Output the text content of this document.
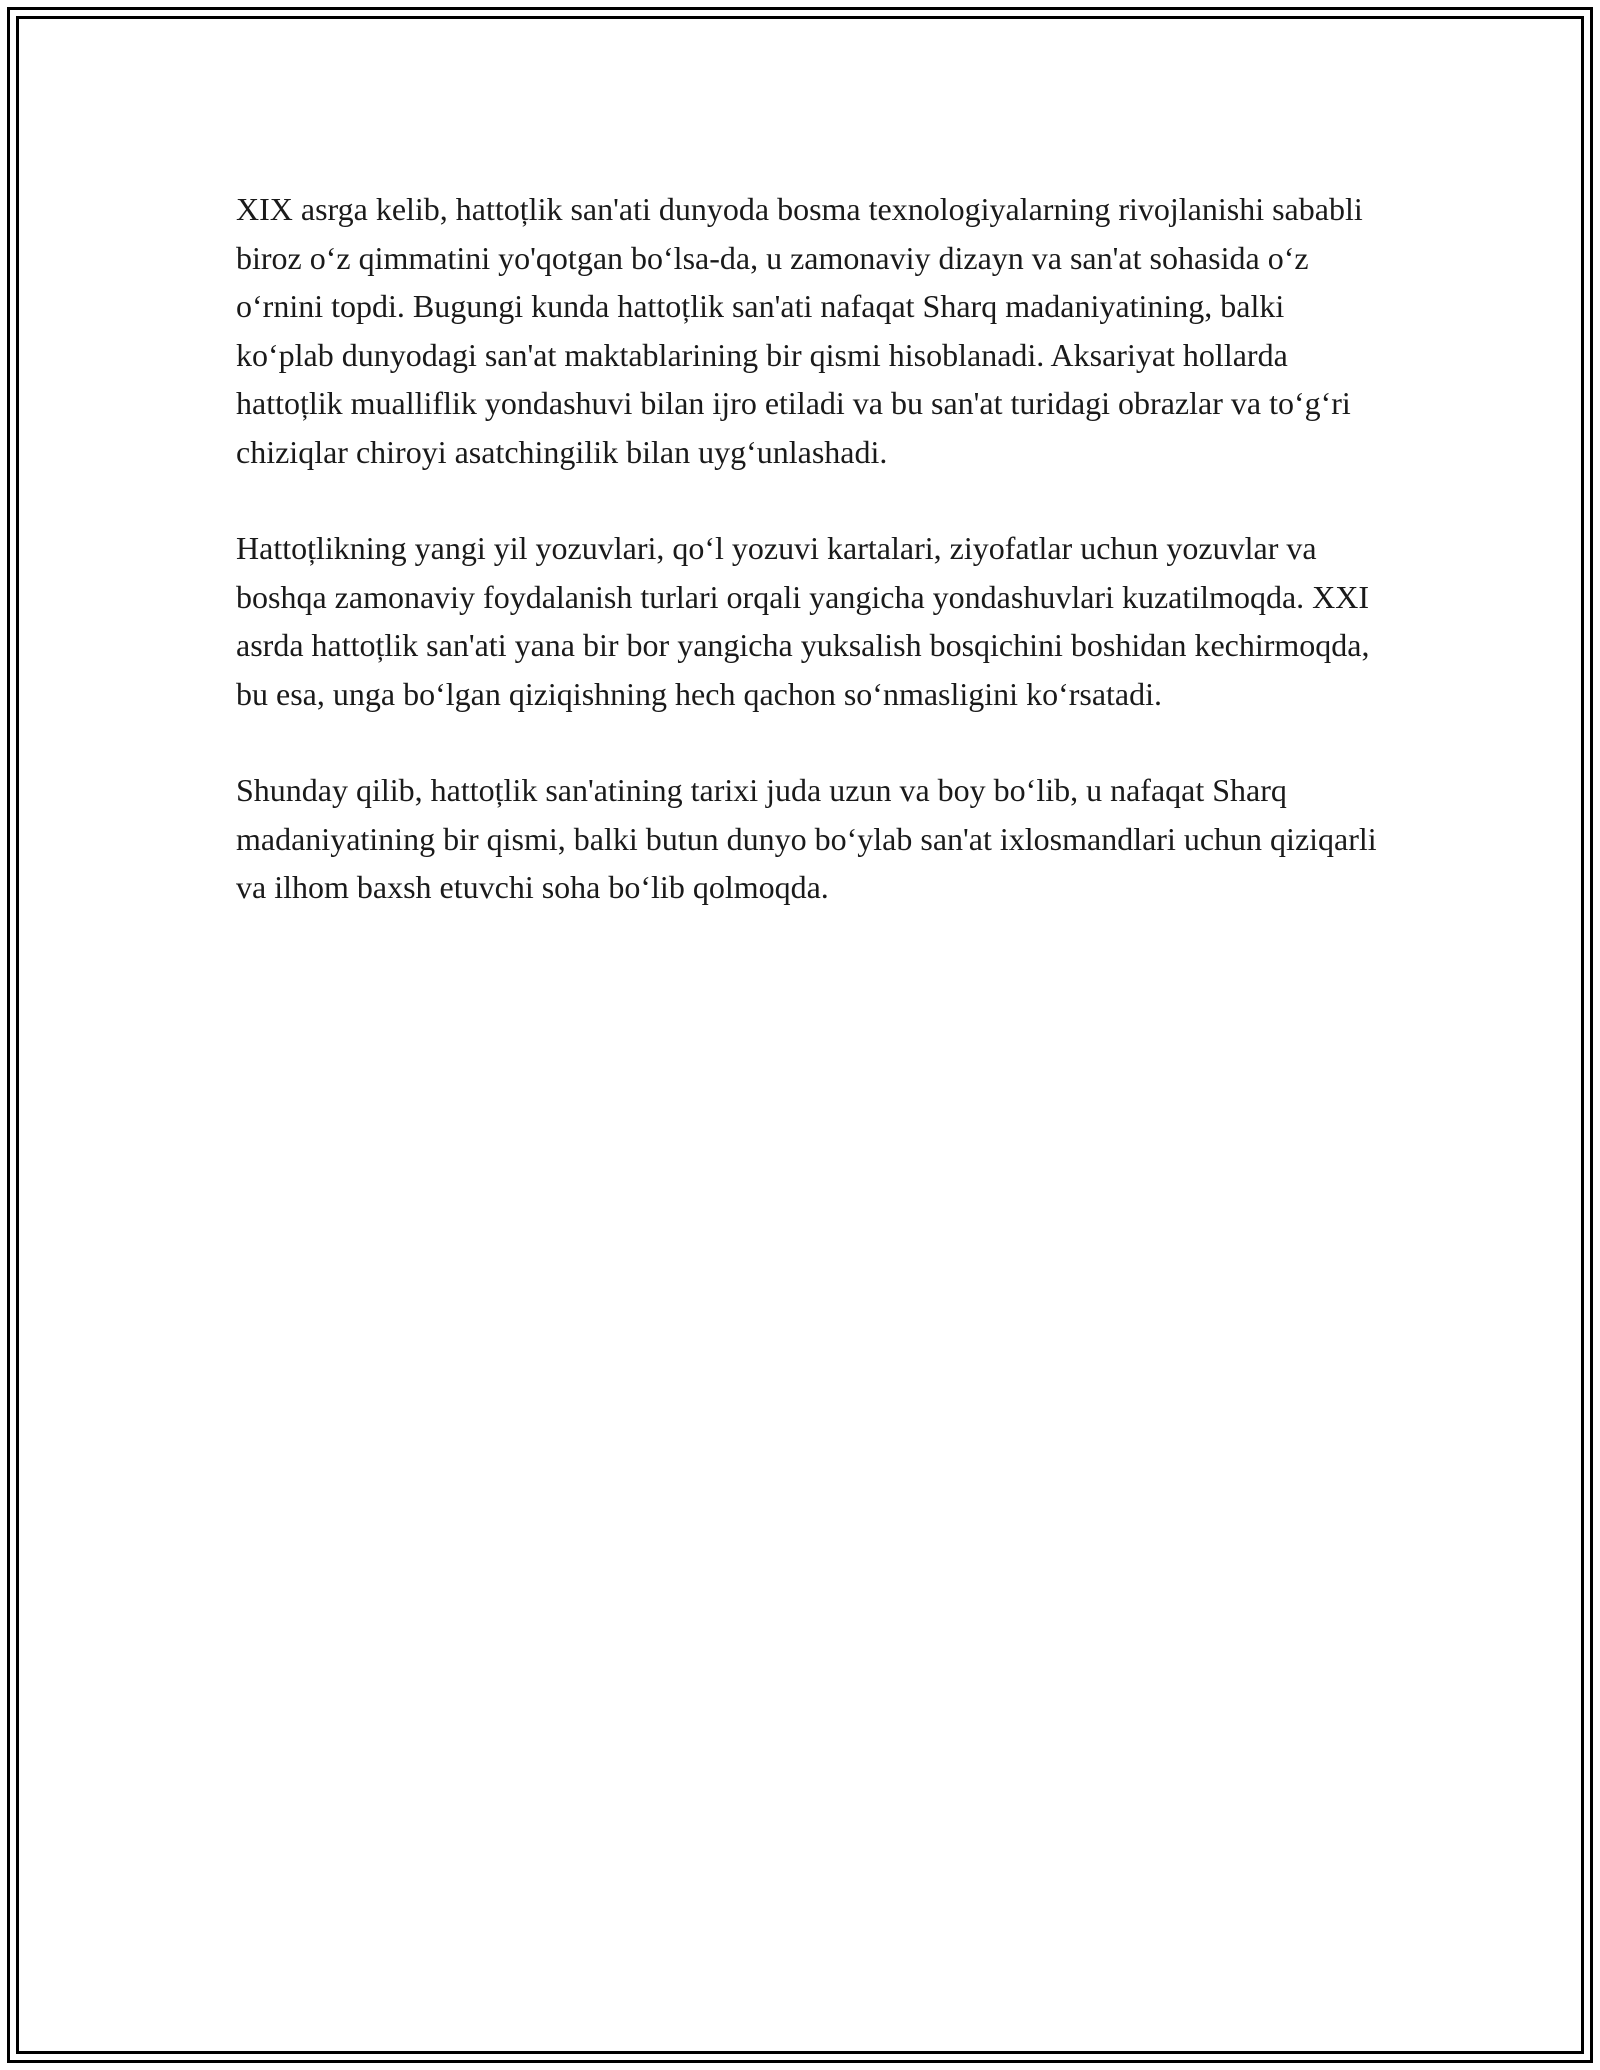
XIX asrga kelib, hattoțlik san'ati dunyoda bosma texnologiyalarning rivojlanishi sababli biroz o‘z qimmatini yo'qotgan bo‘lsa-da, u zamonaviy dizayn va san'at sohasida o‘z o‘rnini topdi. Bugungi kunda hattoțlik san'ati nafaqat Sharq madaniyatining, balki ko‘plab dunyodagi san'at maktablarining bir qismi hisoblanadi. Aksariyat hollarda hattoțlik mualliflik yondashuvi bilan ijro etiladi va bu san'at turidagi obrazlar va to‘g‘ri chiziqlar chiroyi asatchingilik bilan uyg‘unlashadi.

Hattoțlikning yangi yil yozuvlari, qo‘l yozuvi kartalari, ziyofatlar uchun yozuvlar va boshqa zamonaviy foydalanish turlari orqali yangicha yondashuvlari kuzatilmoqda. XXI asrda hattoțlik san'ati yana bir bor yangicha yuksalish bosqichini boshidan kechirmoqda, bu esa, unga bo‘lgan qiziqishning hech qachon so‘nmasligini ko‘rsatadi.

Shunday qilib, hattoțlik san'atining tarixi juda uzun va boy bo‘lib, u nafaqat Sharq madaniyatining bir qismi, balki butun dunyo bo‘ylab san'at ixlosmandlari uchun qiziqarli va ilhom baxsh etuvchi soha bo‘lib qolmoqda.
